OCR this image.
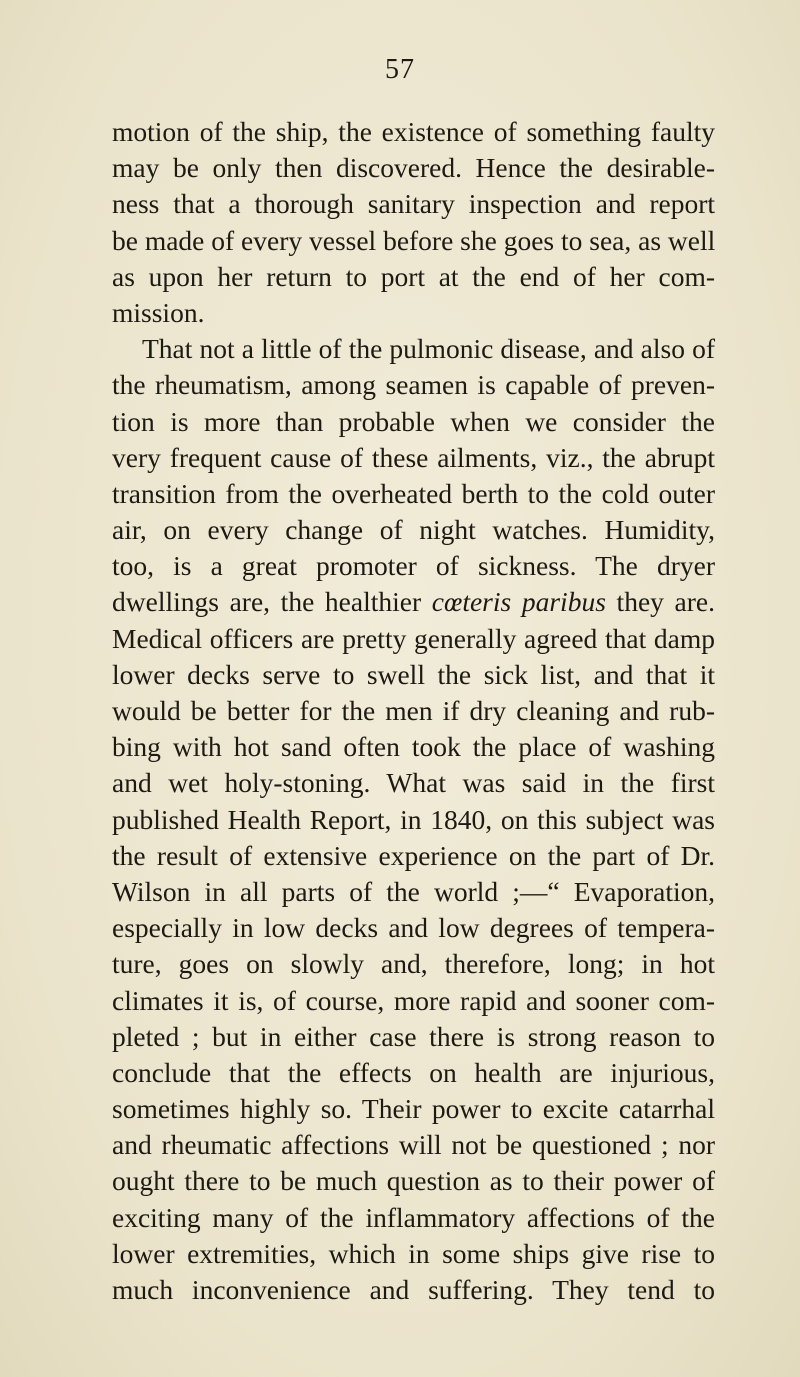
57
motion of the ship, the existence of something faulty
may be only then discovered. Hence the desirable-
ness that a thorough sanitary inspection and report
be made of every vessel before she goes to sea, as well
as upon her return to port at the end of her com-
mission.
That not a little of the pulmonic disease, and also of
the rheumatism, among seamen is capable of preven-
tion is more than probable when we consider the
very frequent cause of these ailments, viz., the abrupt
transition from the overheated berth to the cold outer
air, on every change of night watches. Humidity,
too, is a great promoter of sickness. The dryer
dwellings are, the healthier cœteris paribus they are.
Medical officers are pretty generally agreed that damp
lower decks serve to swell the sick list, and that it
would be better for the men if dry cleaning and rub-
bing with hot sand often took the place of washing
and wet holy-stoning. What was said in the first
published Health Report, in 1840, on this subject was
the result of extensive experience on the part of Dr.
Wilson in all parts of the world ;—“ Evaporation,
especially in low decks and low degrees of tempera-
ture, goes on slowly and, therefore, long; in hot
climates it is, of course, more rapid and sooner com-
pleted ; but in either case there is strong reason to
conclude that the effects on health are injurious,
sometimes highly so. Their power to excite catarrhal
and rheumatic affections will not be questioned ; nor
ought there to be much question as to their power of
exciting many of the inflammatory affections of the
lower extremities, which in some ships give rise to
much inconvenience and suffering. They tend to
